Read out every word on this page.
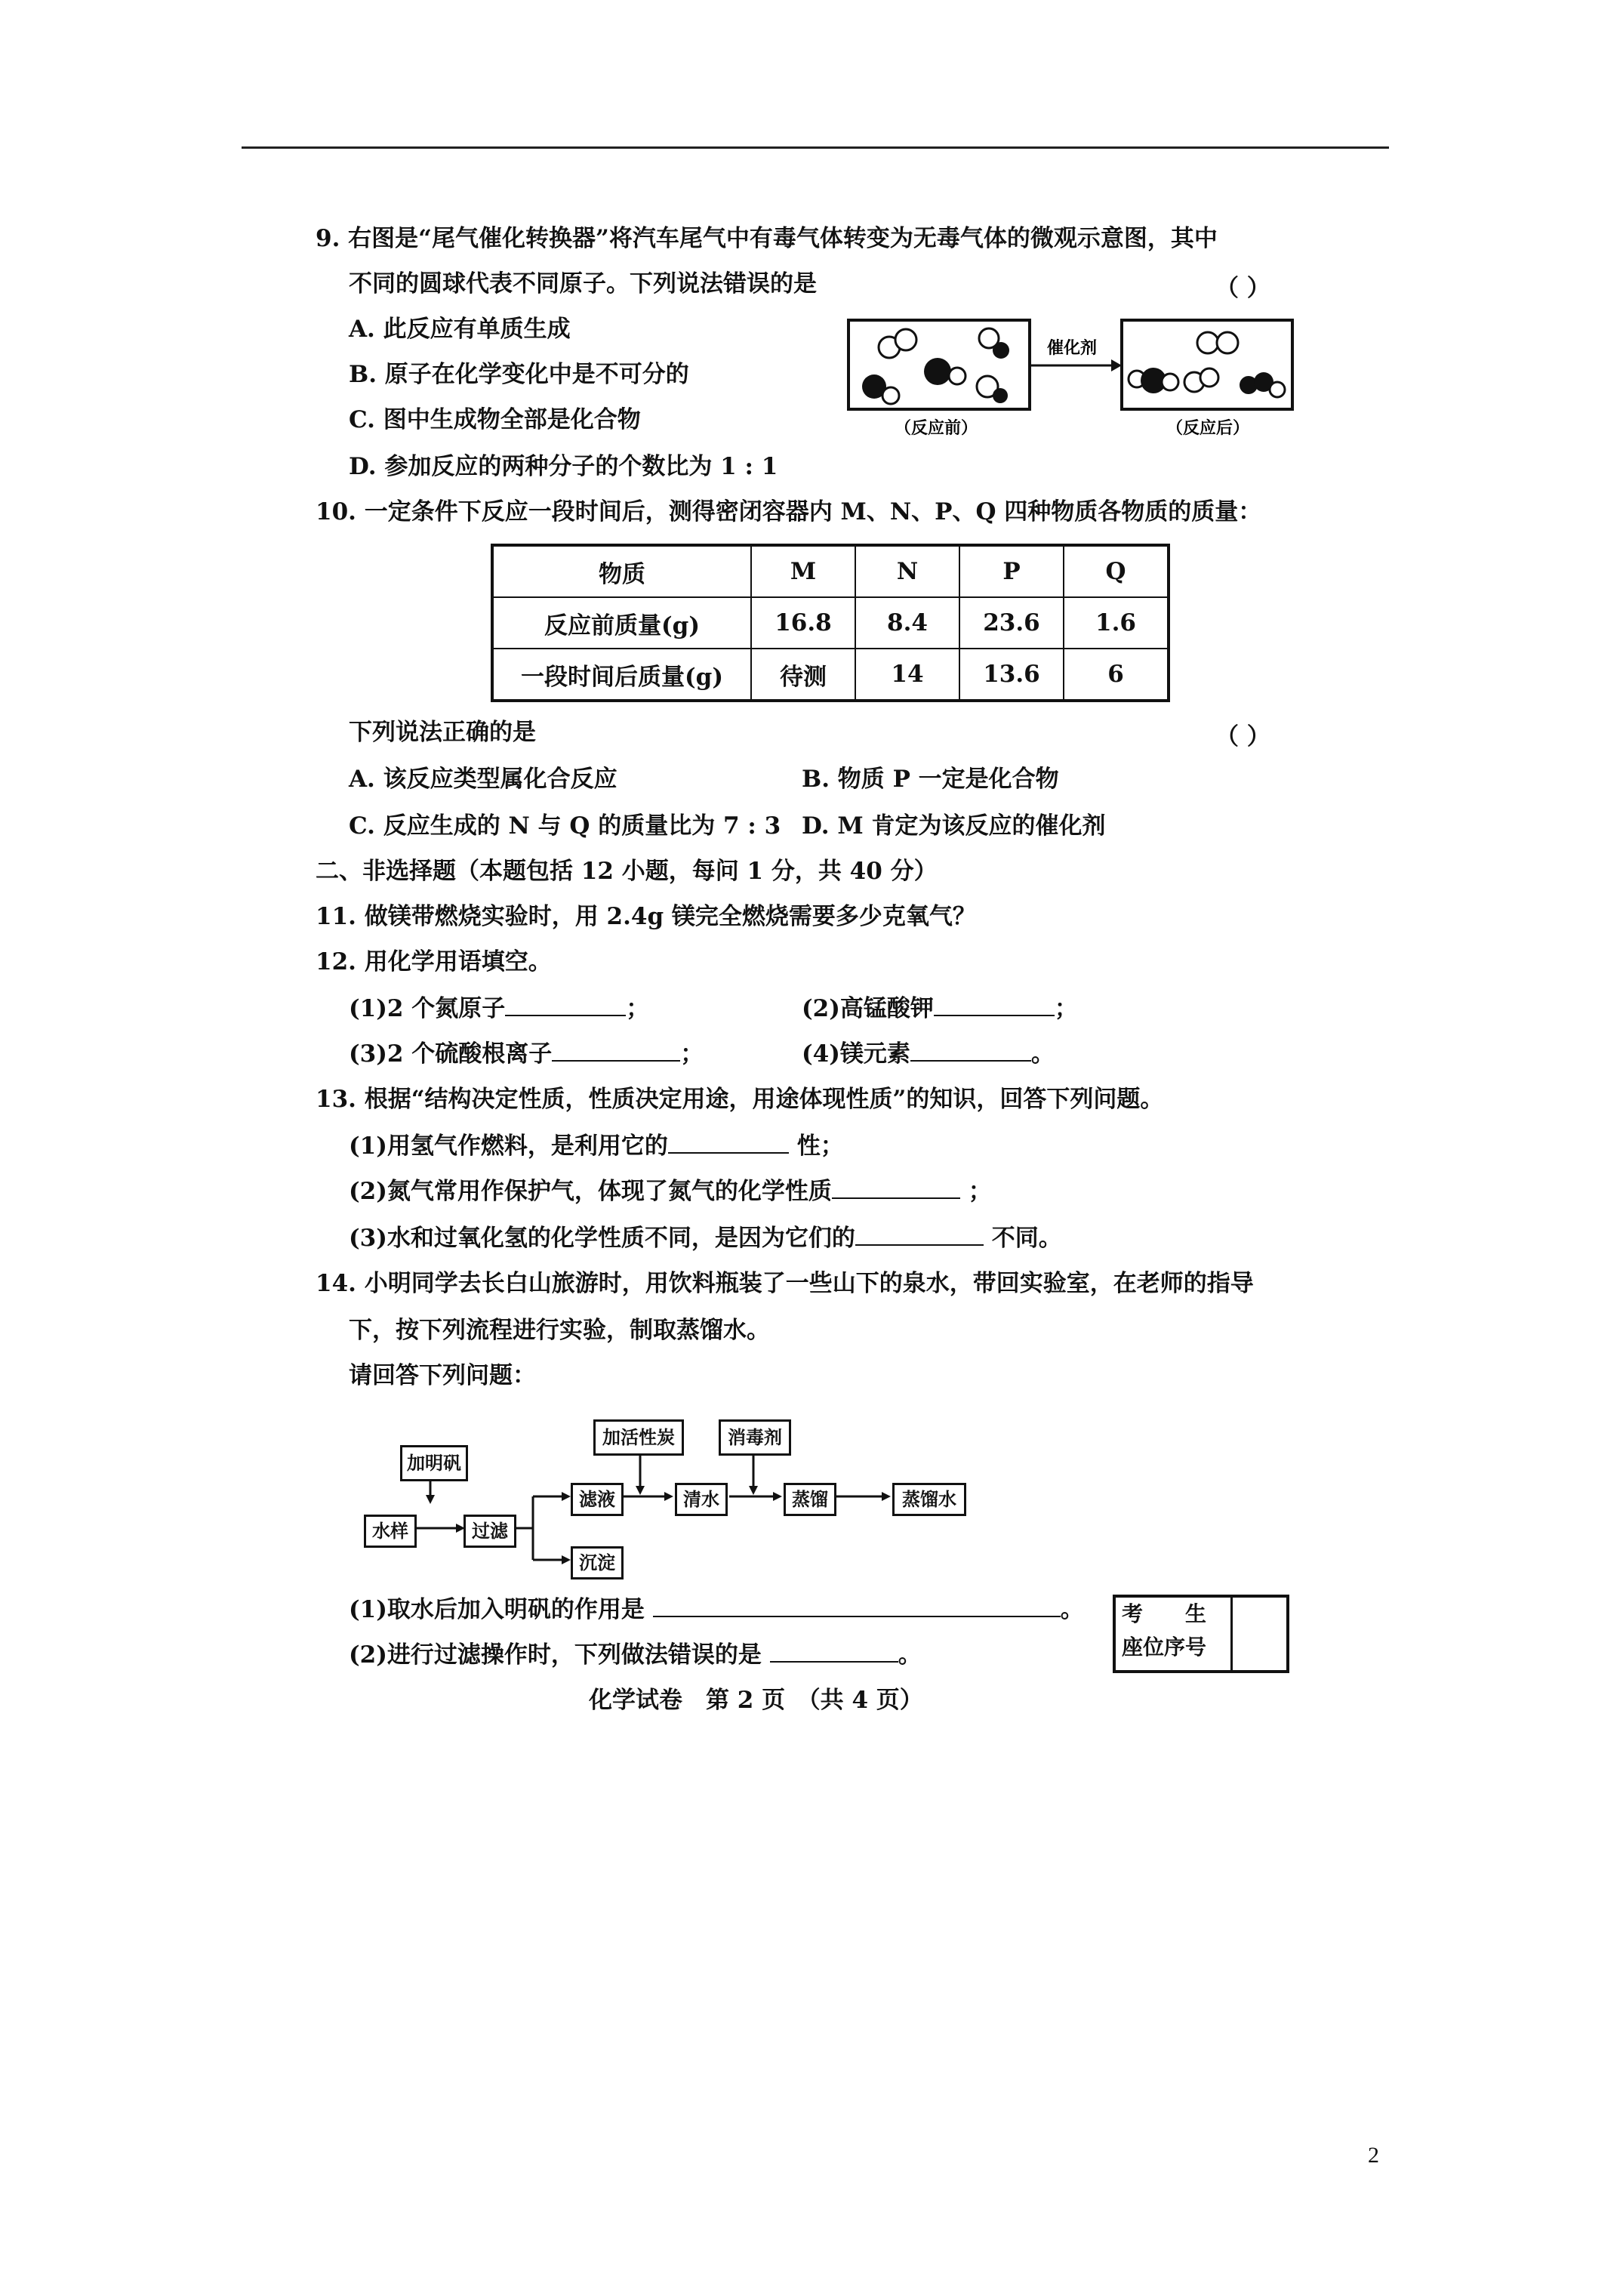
9. 右图是“尾气催化转换器”将汽车尾气中有毒气体转变为无毒气体的微观示意图，其中
不同的圆球代表不同原子。下列说法错误的是	（ ）
A. 此反应有单质生成
B. 原子在化学变化中是不可分的
C. 图中生成物全部是化合物
D. 参加反应的两种分子的个数比为 1 : 1
催化剂
（反应前）	（反应后）
10. 一定条件下反应一段时间后，测得密闭容器内 M、N、P、Q 四种物质各物质的质量：
物质	M	N	P	Q
反应前质量(g)	16.8	8.4	23.6	1.6
一段时间后质量(g)	待测	14	13.6	6
下列说法正确的是	（ ）
A. 该反应类型属化合反应	B. 物质 P 一定是化合物
C. 反应生成的 N 与 Q 的质量比为 7 : 3 D. M 肯定为该反应的催化剂
二、非选择题（本题包括 12 小题，每问 1 分，共 40 分）
11. 做镁带燃烧实验时，用 2.4g 镁完全燃烧需要多少克氧气？
12. 用化学用语填空。
(1)2 个氮原子	；	(2)高锰酸钾	；
(3)2 个硫酸根离子	；	(4)镁元素	。
13. 根据“结构决定性质，性质决定用途，用途体现性质”的知识，回答下列问题。
(1)用氢气作燃料，是利用它的	性；
(2)氮气常用作保护气，体现了氮气的化学性质	；
(3)水和过氧化氢的化学性质不同，是因为它们的	不同。
14. 小明同学去长白山旅游时，用饮料瓶装了一些山下的泉水，带回实验室，在老师的指导
下，按下列流程进行实验，制取蒸馏水。
请回答下列问题：
加明矾
加活性炭	消毒剂
水样	过滤
滤液	清水	蒸馏	蒸馏水
沉淀
(1)取水后加入明矾的作用是	。
(2)进行过滤操作时，下列做法错误的是	。
考　　生
座位序号
化学试卷　第 2 页　（共 4 页）
2
